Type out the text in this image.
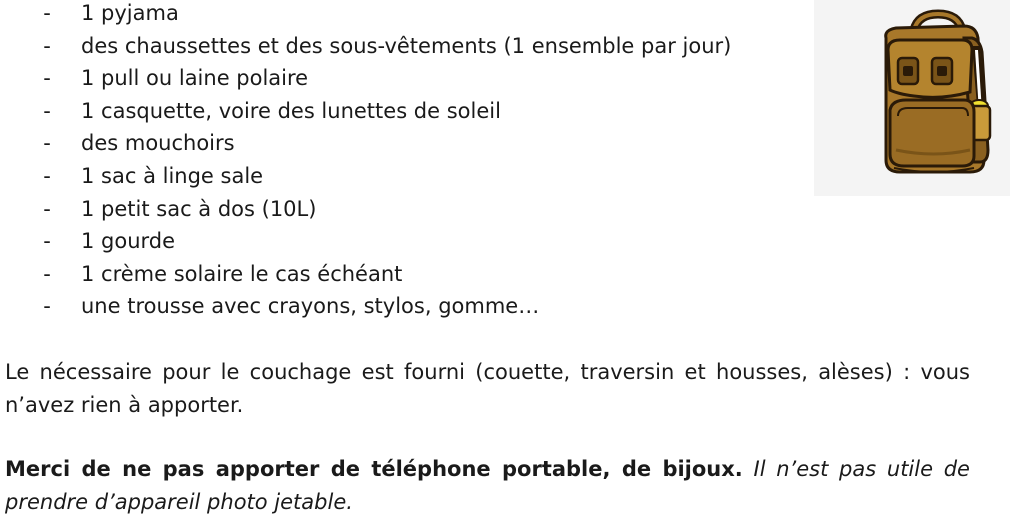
- 1 pyjama
- des chaussettes et des sous-vêtements (1 ensemble par jour)
- 1 pull ou laine polaire
- 1 casquette, voire des lunettes de soleil
- des mouchoirs
- 1 sac à linge sale
- 1 petit sac à dos (10L)
- 1 gourde
- 1 crème solaire le cas échéant
- une trousse avec crayons, stylos, gomme…

Le nécessaire pour le couchage est fourni (couette, traversin et housses, alèses) : vous n’avez rien à apporter.

Merci de ne pas apporter de téléphone portable, de bijoux. Il n’est pas utile de prendre d’appareil photo jetable.
